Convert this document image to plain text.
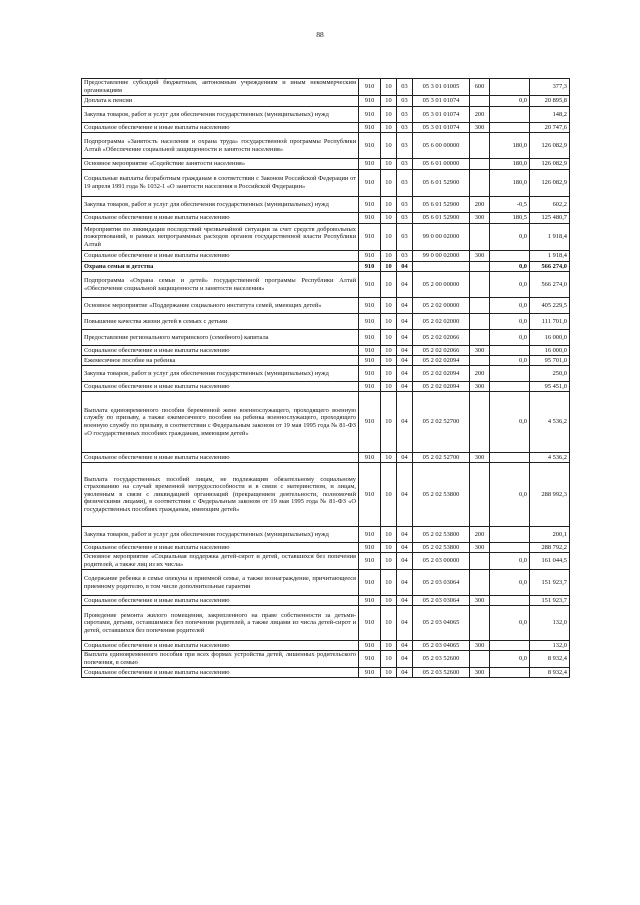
88
Предоставление субсидий бюджетным, автономным учреждениям и иным некоммерческим организациям	910	10	03	05 3 01 01005	600		377,3
Доплата к пенсии	910	10	03	05 3 01 01074		0,0	20 895,8
Закупка товаров, работ и услуг для обеспечения государственных (муниципальных) нужд	910	10	03	05 3 01 01074	200		148,2
Социальное обеспечение и иные выплаты населению	910	10	03	05 3 01 01074	300		20 747,6
Подпрограмма «Занятость населения и охрана труда» государственной программы Республики Алтай «Обеспечение социальной защищенности и занятости населения»	910	10	03	05 6 00 00000		180,0	126 082,9
Основное мероприятие «Содействие занятости населения»	910	10	03	05 6 01 00000		180,0	126 082,9
Социальные выплаты безработным гражданам в соответствии с Законом Российской Федерации от 19 апреля 1991 года № 1032-1 «О занятости населения в Российской Федерации»	910	10	03	05 6 01 52900		180,0	126 082,9
Закупка товаров, работ и услуг для обеспечения государственных (муниципальных) нужд	910	10	03	05 6 01 52900	200	-0,5	602,2
Социальное обеспечение и иные выплаты населению	910	10	03	05 6 01 52900	300	180,5	125 480,7
Мероприятия по ликвидации последствий чрезвычайной ситуации за счет средств добровольных пожертвований, в рамках непрограммных расходов органов государственной власти Республики Алтай	910	10	03	99 0 00 02000		0,0	1 918,4
Социальное обеспечение и иные выплаты населению	910	10	03	99 0 00 02000	300		1 918,4
Охрана семьи и детства	910	10	04			0,0	566 274,0
Подпрограмма «Охрана семьи и детей» государственной программы Республики Алтай «Обеспечение социальной защищенности и занятости населения»	910	10	04	05 2 00 00000		0,0	566 274,0
Основное мероприятие «Поддержание социального института семей, имеющих детей»	910	10	04	05 2 02 00000		0,0	405 229,5
Повышение качества жизни детей в семьях с детьми	910	10	04	05 2 02 02000		0,0	111 701,0
Предоставление регионального материнского (семейного) капитала	910	10	04	05 2 02 02066		0,0	16 000,0
Социальное обеспечение и иные выплаты населению	910	10	04	05 2 02 02066	300		16 000,0
Ежемесячное пособие на ребенка	910	10	04	05 2 02 02094		0,0	95 701,0
Закупка товаров, работ и услуг для обеспечения государственных (муниципальных) нужд	910	10	04	05 2 02 02094	200		250,0
Социальное обеспечение и иные выплаты населению	910	10	04	05 2 02 02094	300		95 451,0
Выплата единовременного пособия беременной жене военнослужащего, проходящего военную службу по призыву, а также ежемесячного пособия на ребенка военнослужащего, проходящего военную службу по призыву, в соответствии с Федеральным законом от 19 мая 1995 года № 81-ФЗ «О государственных пособиях гражданам, имеющим детей»	910	10	04	05 2 02 52700		0,0	4 536,2
Социальное обеспечение и иные выплаты населению	910	10	04	05 2 02 52700	300		4 536,2
Выплата государственных пособий лицам, не подлежащим обязательному социальному страхованию на случай временной нетрудоспособности и в связи с материнством, и лицам, уволенным в связи с ликвидацией организаций (прекращением деятельности, полномочий физическими лицами), в соответствии с Федеральным законом от 19 мая 1995 года № 81-ФЗ «О государственных пособиях гражданам, имеющим детей»	910	10	04	05 2 02 53800		0,0	288 992,3
Закупка товаров, работ и услуг для обеспечения государственных (муниципальных) нужд	910	10	04	05 2 02 53800	200		200,1
Социальное обеспечение и иные выплаты населению	910	10	04	05 2 02 53800	300		288 792,2
Основное мероприятие «Социальная поддержка детей-сирот и детей, оставшихся без попечения родителей, а также лиц из их числа»	910	10	04	05 2 03 00000		0,0	161 044,5
Содержание ребенка в семье опекуна и приемной семье, а также вознаграждение, причитающееся приемному родителю, в том числе дополнительные гарантии	910	10	04	05 2 03 03064		0,0	151 923,7
Социальное обеспечение и иные выплаты населению	910	10	04	05 2 03 03064	300		151 923,7
Проведение ремонта жилого помещения, закрепленного на праве собственности за детьми-сиротами, детьми, оставшимися без попечения родителей, а также лицами из числа детей-сирот и детей, оставшихся без попечения родителей	910	10	04	05 2 03 04065		0,0	132,0
Социальное обеспечение и иные выплаты населению	910	10	04	05 2 03 04065	300		132,0
Выплата единовременного пособия при всех формах устройства детей, лишенных родительского попечения, в семью	910	10	04	05 2 03 52600		0,0	8 932,4
Социальное обеспечение и иные выплаты населению	910	10	04	05 2 03 52600	300		8 932,4
